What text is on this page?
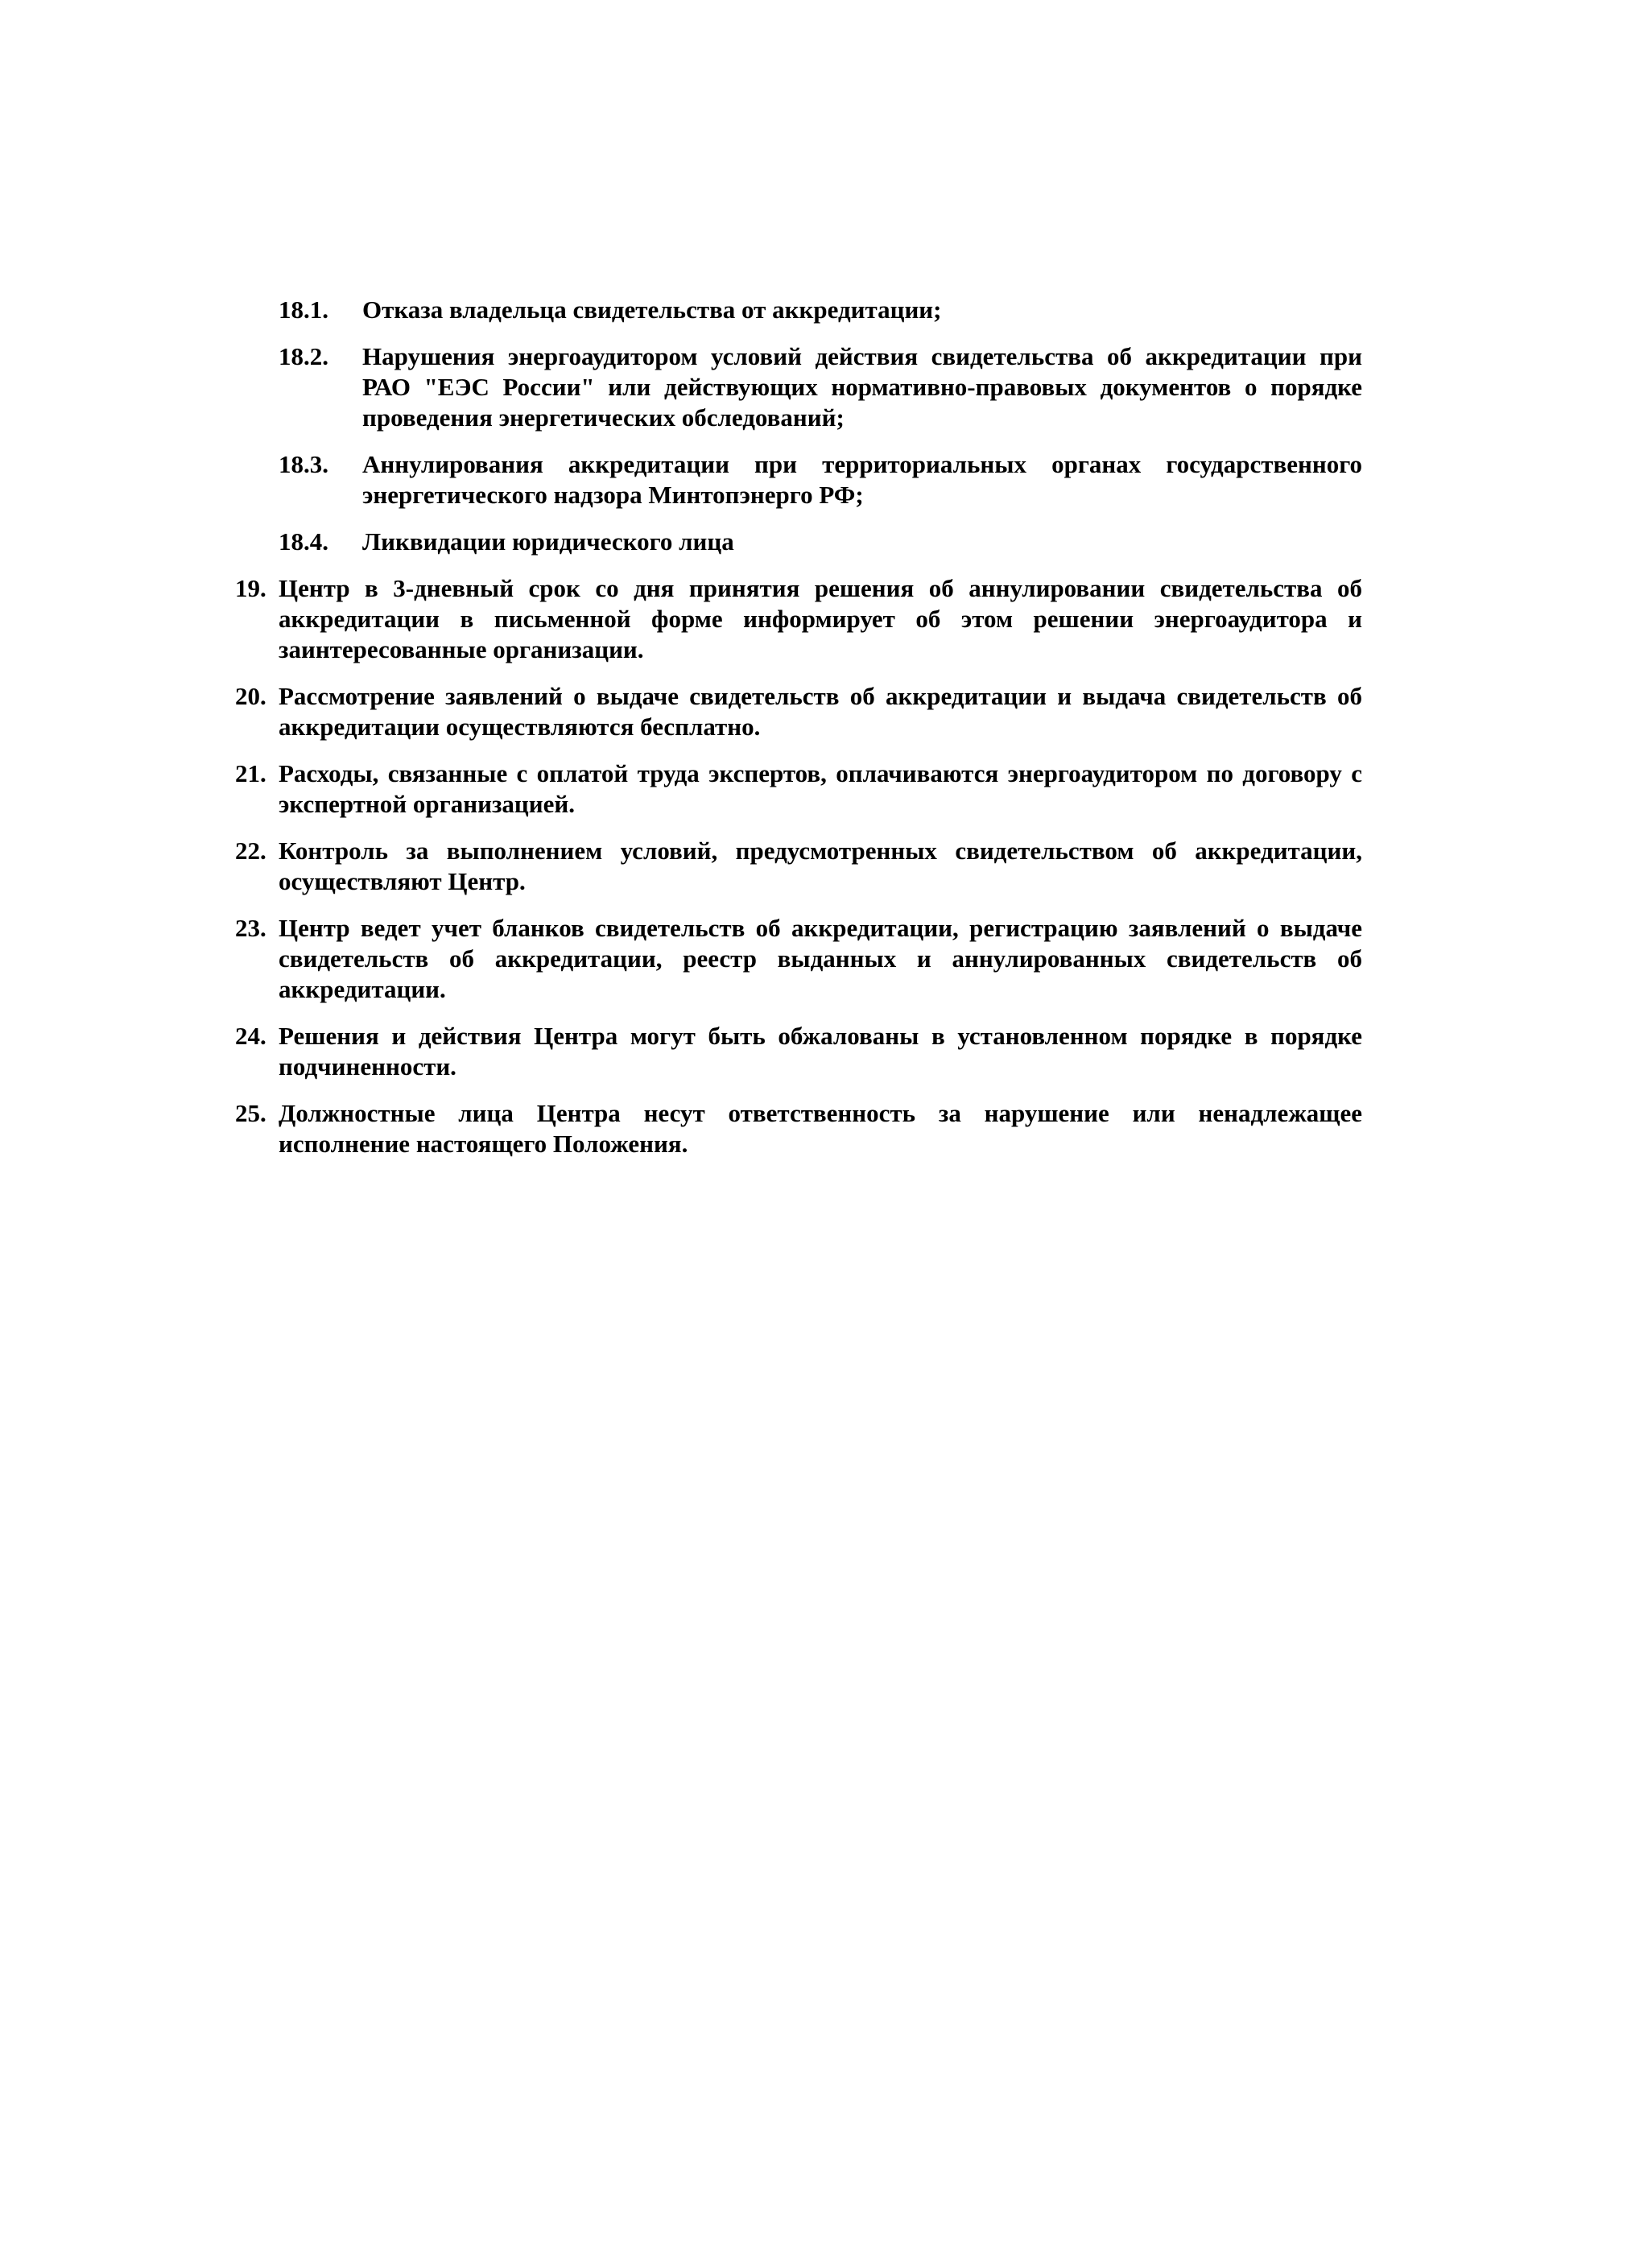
18.1.	Отказа владельца свидетельства от аккредитации;
18.2.	Нарушения энергоаудитором условий действия свидетельства об аккредитации при РАО "ЕЭС России" или действующих нормативно-правовых документов о порядке проведения энергетических обследований;
18.3.	Аннулирования аккредитации при территориальных органах государственного энергетического надзора Минтопэнерго РФ;
18.4.	Ликвидации юридического лица
19. Центр в 3-дневный срок со дня принятия решения об аннулировании свидетельства об аккредитации в письменной форме информирует об этом решении энергоаудитора и заинтересованные организации.
20. Рассмотрение заявлений о выдаче свидетельств об аккредитации и выдача свидетельств об аккредитации осуществляются бесплатно.
21. Расходы, связанные с оплатой труда экспертов, оплачиваются энергоаудитором по договору с экспертной организацией.
22. Контроль за выполнением условий, предусмотренных свидетельством об аккредитации, осуществляют Центр.
23. Центр ведет учет бланков свидетельств об аккредитации, регистрацию заявлений о выдаче свидетельств об аккредитации, реестр выданных и аннулированных свидетельств об аккредитации.
24. Решения и действия Центра могут быть обжалованы в установленном порядке в порядке подчиненности.
25. Должностные лица Центра несут ответственность за нарушение или ненадлежащее исполнение настоящего Положения.
